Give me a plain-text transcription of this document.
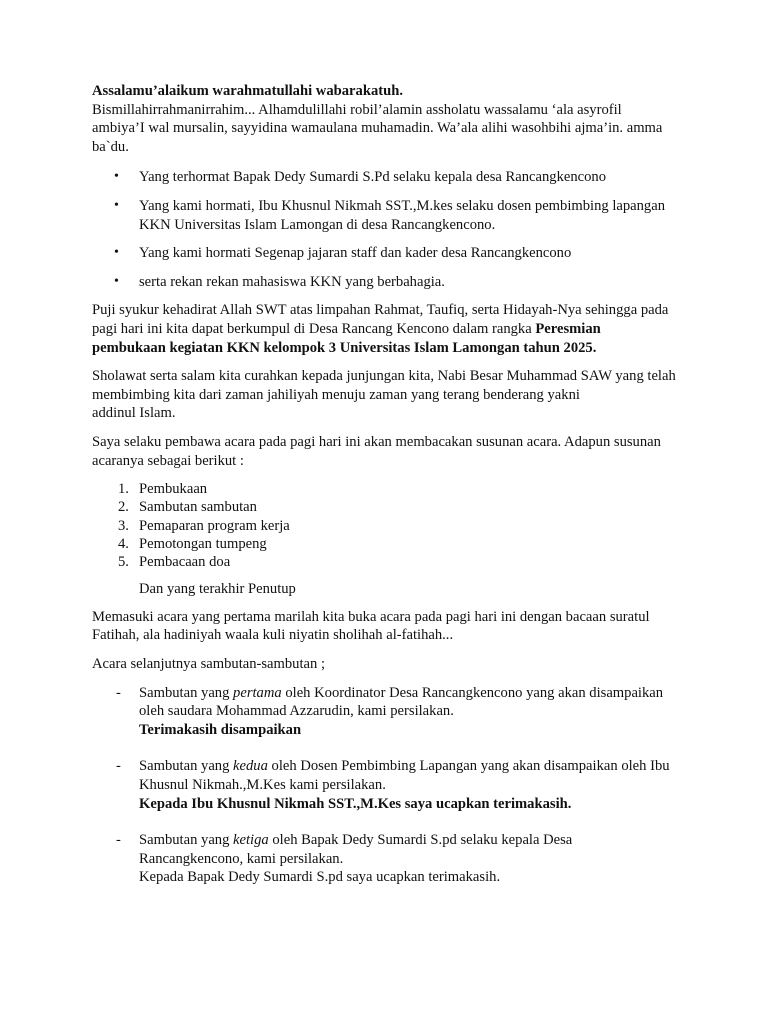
Assalamu’alaikum warahmatullahi wabarakatuh.

Bismillahirrahmanirrahim... Alhamdulillahi robil’alamin assholatu wassalamu ‘ala asyrofil ambiya’I wal mursalin, sayyidina wamaulana muhamadin. Wa’ala alihi wasohbihi ajma’in. amma ba`du.

• Yang terhormat Bapak Dedy Sumardi S.Pd selaku kepala desa Rancangkencono
• Yang kami hormati, Ibu Khusnul Nikmah SST.,M.kes selaku dosen pembimbing lapangan KKN Universitas Islam Lamongan di desa Rancangkencono.
• Yang kami hormati Segenap jajaran staff dan kader desa Rancangkencono
• serta rekan rekan mahasiswa KKN yang berbahagia.

Puji syukur kehadirat Allah SWT atas limpahan Rahmat, Taufiq, serta Hidayah-Nya sehingga pada pagi hari ini kita dapat berkumpul di Desa Rancang Kencono dalam rangka Peresmian pembukaan kegiatan KKN kelompok 3 Universitas Islam Lamongan tahun 2025.

Sholawat serta salam kita curahkan kepada junjungan kita, Nabi Besar Muhammad SAW yang telah membimbing kita dari zaman jahiliyah menuju zaman yang terang benderang yakni

addinul Islam.

Saya selaku pembawa acara pada pagi hari ini akan membacakan susunan acara. Adapun susunan acaranya sebagai berikut :

1. Pembukaan
2. Sambutan sambutan
3. Pemaparan program kerja
4. Pemotongan tumpeng
5. Pembacaan doa

Dan yang terakhir Penutup

Memasuki acara yang pertama marilah kita buka acara pada pagi hari ini dengan bacaan suratul Fatihah, ala hadiniyah waala kuli niyatin sholihah al-fatihah...

Acara selanjutnya sambutan-sambutan ;

- Sambutan yang pertama oleh Koordinator Desa Rancangkencono yang akan disampaikan oleh saudara Mohammad Azzarudin, kami persilakan.
Terimakasih disampaikan
- Sambutan yang kedua oleh Dosen Pembimbing Lapangan yang akan disampaikan oleh Ibu Khusnul Nikmah.,M.Kes kami persilakan.
Kepada Ibu Khusnul Nikmah SST.,M.Kes saya ucapkan terimakasih.
- Sambutan yang ketiga oleh Bapak Dedy Sumardi S.pd selaku kepala Desa Rancangkencono, kami persilakan.
Kepada Bapak Dedy Sumardi S.pd saya ucapkan terimakasih.
